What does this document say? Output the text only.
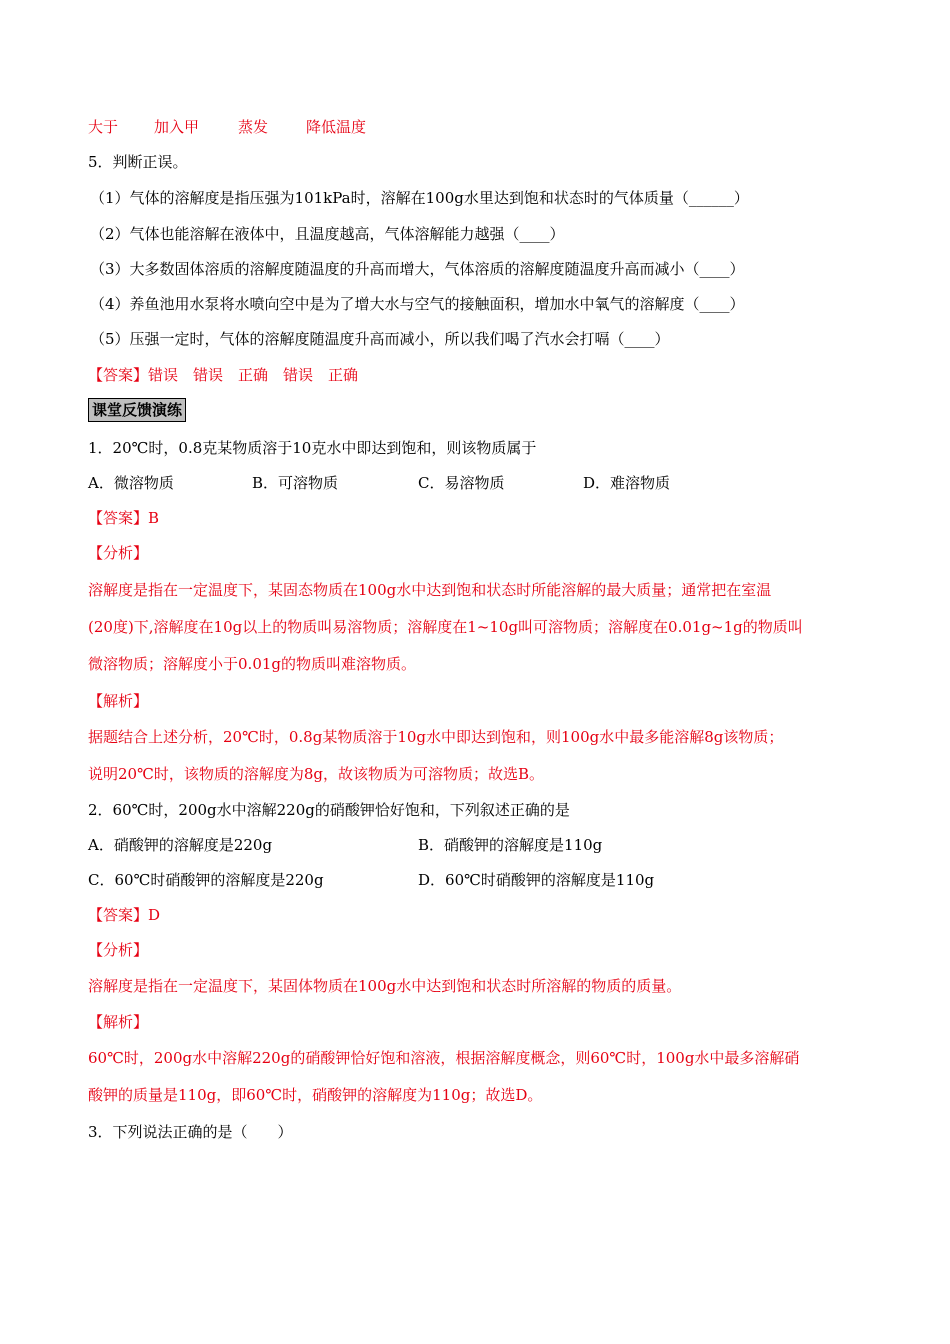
大于 加入甲	蒸发	降低温度
5．判断正误。
（1）气体的溶解度是指压强为101kPa时，溶解在100g水里达到饱和状态时的气体质量（______）
（2）气体也能溶解在液体中，且温度越高，气体溶解能力越强（____）
（3）大多数固体溶质的溶解度随温度的升高而增大，气体溶质的溶解度随温度升高而减小（____）
（4）养鱼池用水泵将水喷向空中是为了增大水与空气的接触面积，增加水中氧气的溶解度（____）
（5）压强一定时，气体的溶解度随温度升高而减小，所以我们喝了汽水会打嗝（____）
【答案】错误　错误　正确　错误　正确
课堂反馈演练
1．20℃时，0.8克某物质溶于10克水中即达到饱和，则该物质属于
A．微溶物质	B．可溶物质	C．易溶物质	D．难溶物质
【答案】B
【分析】
溶解度是指在一定温度下，某固态物质在100g水中达到饱和状态时所能溶解的最大质量；通常把在室温
(20度)下,溶解度在10g以上的物质叫易溶物质；溶解度在1~10g叫可溶物质；溶解度在0.01g~1g的物质叫
微溶物质；溶解度小于0.01g的物质叫难溶物质。
【解析】
据题结合上述分析，20℃时，0.8g某物质溶于10g水中即达到饱和，则100g水中最多能溶解8g该物质；
说明20℃时，该物质的溶解度为8g，故该物质为可溶物质；故选B。
2．60℃时，200g水中溶解220g的硝酸钾恰好饱和，下列叙述正确的是
A．硝酸钾的溶解度是220g	B．硝酸钾的溶解度是110g
C．60℃时硝酸钾的溶解度是220g	D．60℃时硝酸钾的溶解度是110g
【答案】D
【分析】
溶解度是指在一定温度下，某固体物质在100g水中达到饱和状态时所溶解的物质的质量。
【解析】
60℃时，200g水中溶解220g的硝酸钾恰好饱和溶液，根据溶解度概念，则60℃时，100g水中最多溶解硝
酸钾的质量是110g，即60℃时，硝酸钾的溶解度为110g；故选D。
3．下列说法正确的是（　　）
